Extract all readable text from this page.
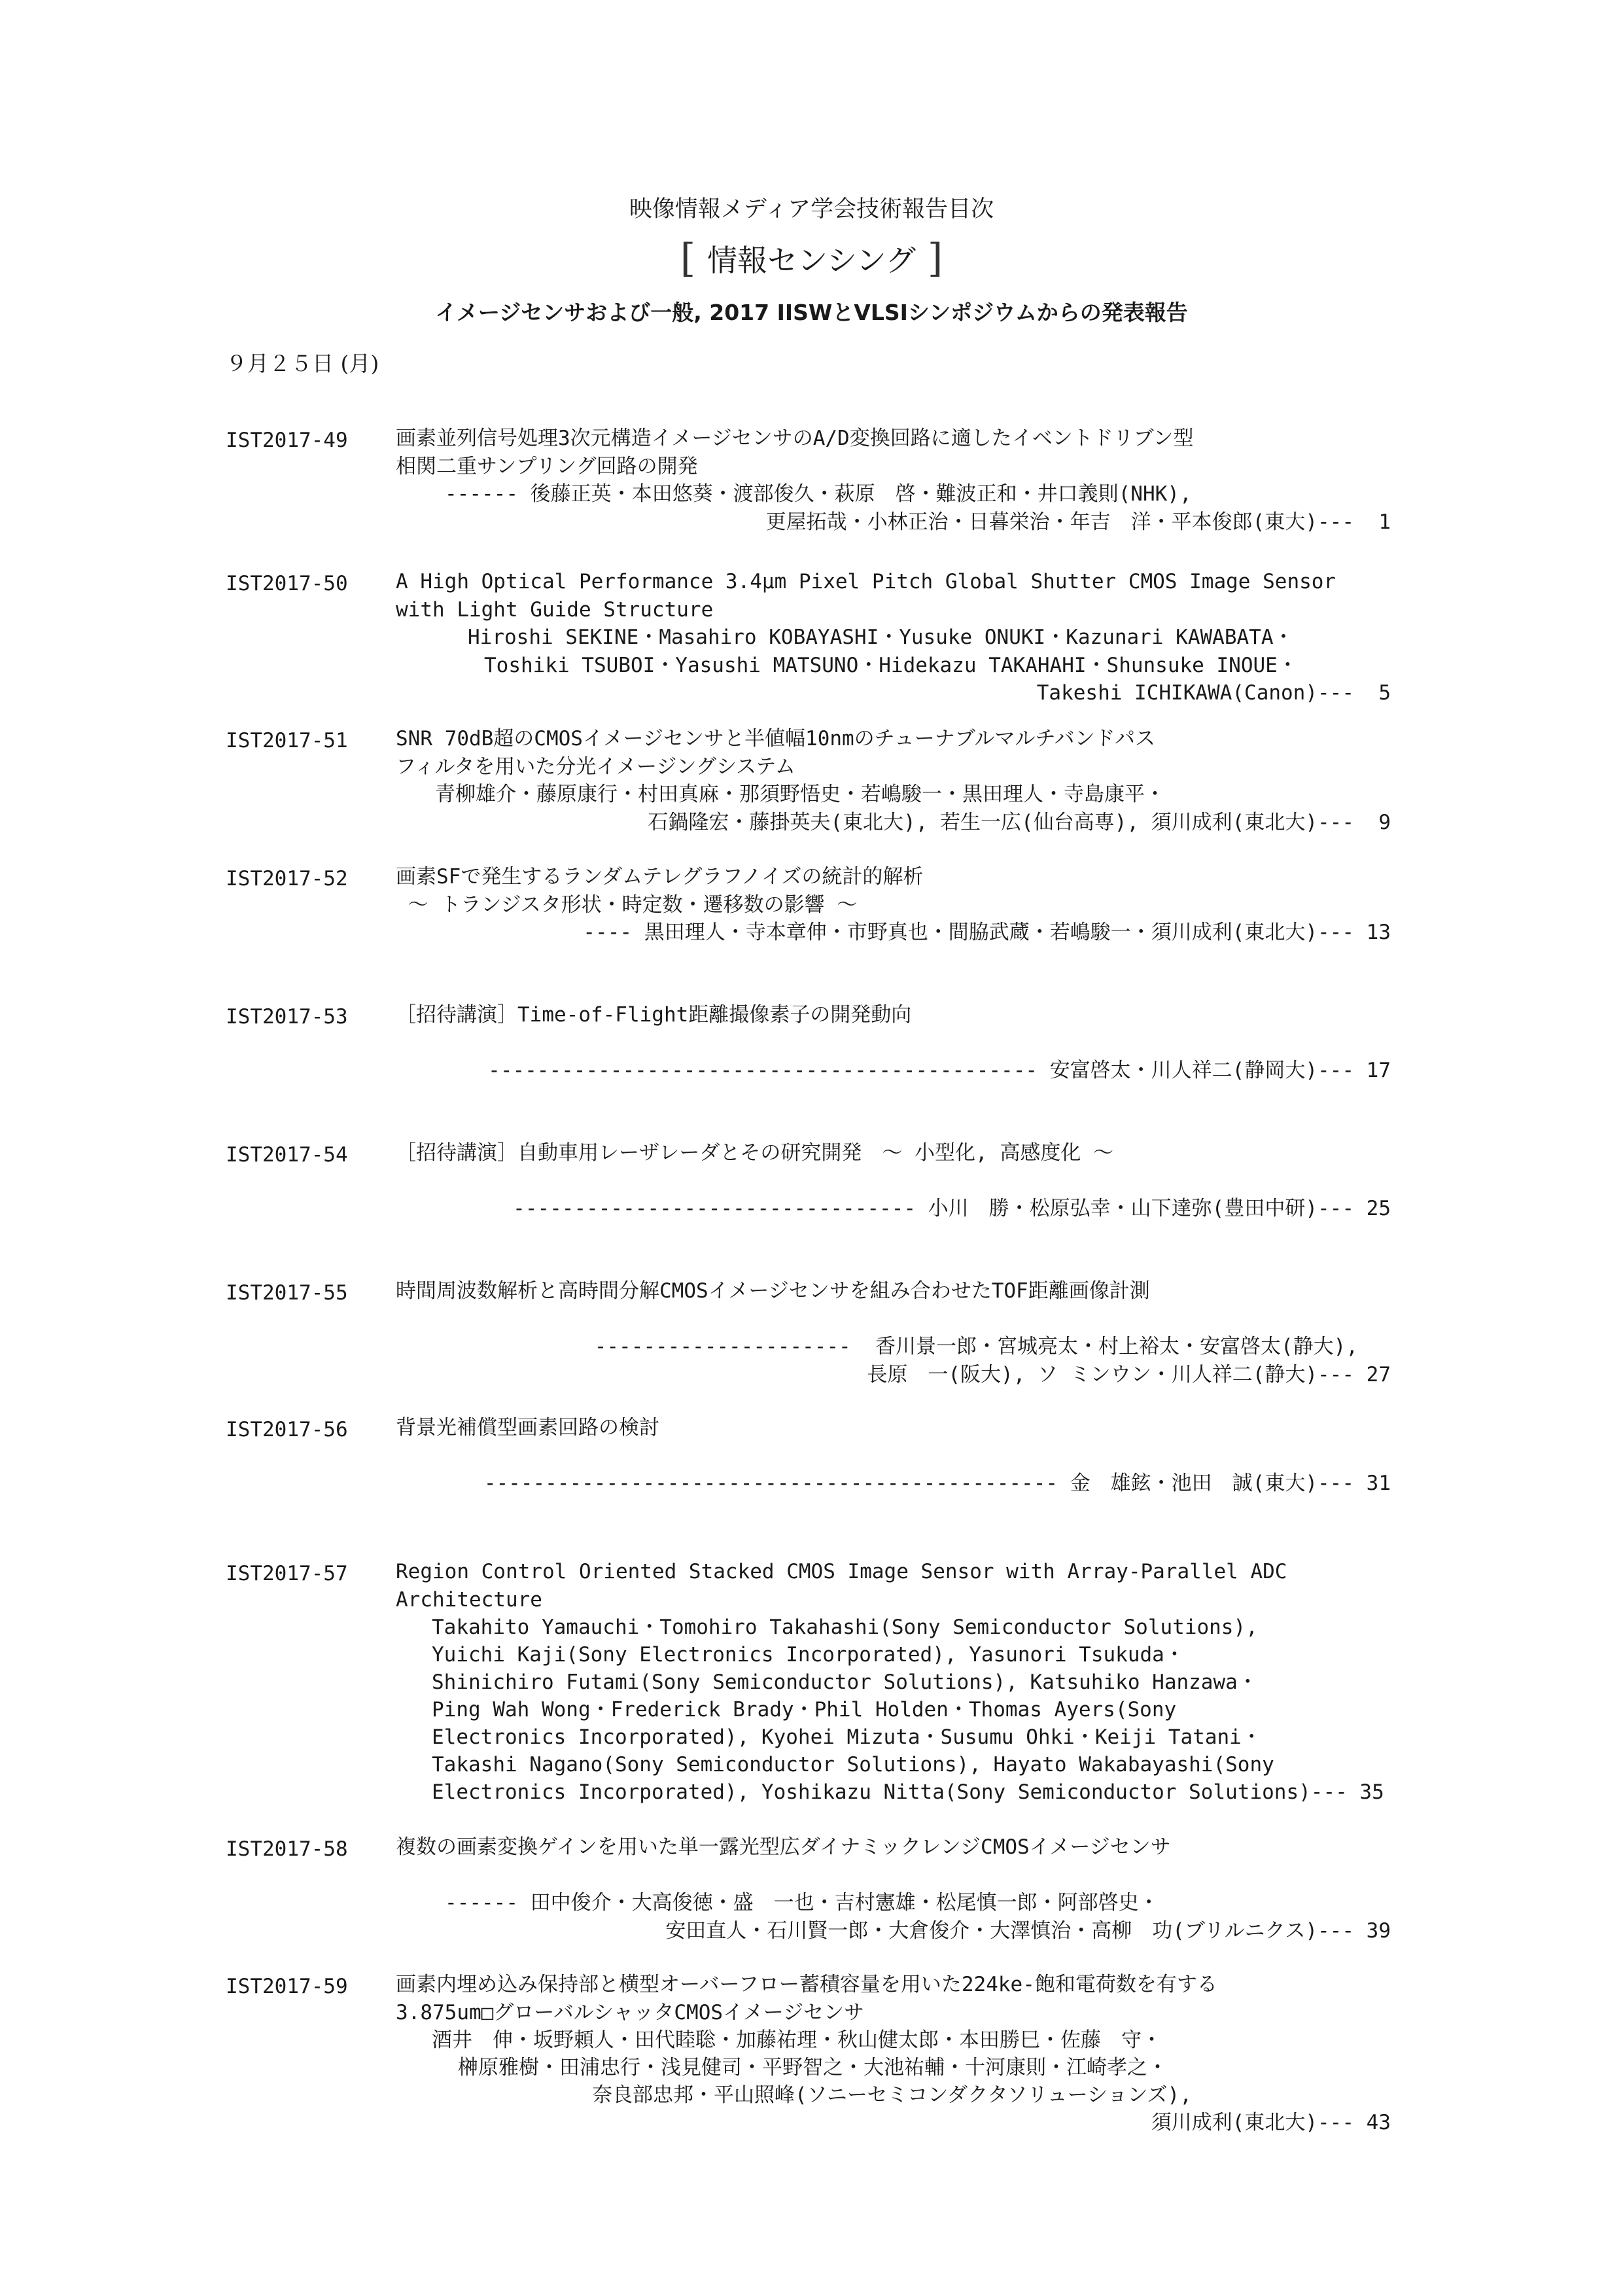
映像情報メディア学会技術報告目次
[ 情報センシング ]
イメージセンサおよび一般, 2017 IISWとVLSIシンポジウムからの発表報告
９月２５日 (月)
IST2017-49 画素並列信号処理3次元構造イメージセンサのA/D変換回路に適したイベントドリブン型
相関二重サンプリング回路の開発
------ 後藤正英・本田悠葵・渡部俊久・萩原　啓・難波正和・井口義則(NHK),
更屋拓哉・小林正治・日暮栄治・年吉　洋・平本俊郎(東大)---  1
IST2017-50 A High Optical Performance 3.4μm Pixel Pitch Global Shutter CMOS Image Sensor
with Light Guide Structure
Hiroshi SEKINE・Masahiro KOBAYASHI・Yusuke ONUKI・Kazunari KAWABATA・
Toshiki TSUBOI・Yasushi MATSUNO・Hidekazu TAKAHAHI・Shunsuke INOUE・
Takeshi ICHIKAWA(Canon)---  5
IST2017-51 SNR 70dB超のCMOSイメージセンサと半値幅10nmのチューナブルマルチバンドパス
フィルタを用いた分光イメージングシステム
青柳雄介・藤原康行・村田真麻・那須野悟史・若嶋駿一・黒田理人・寺島康平・
石鍋隆宏・藤掛英夫(東北大), 若生一広(仙台高専), 須川成利(東北大)---  9
IST2017-52 画素SFで発生するランダムテレグラフノイズの統計的解析
～ トランジスタ形状・時定数・遷移数の影響 ～
---- 黒田理人・寺本章伸・市野真也・間脇武蔵・若嶋駿一・須川成利(東北大)--- 13
IST2017-53 ［招待講演］Time-of-Flight距離撮像素子の開発動向
--------------------------------------------- 安富啓太・川人祥二(静岡大)--- 17
IST2017-54 ［招待講演］自動車用レーザレーダとその研究開発　～ 小型化, 高感度化 ～
--------------------------------- 小川　勝・松原弘幸・山下達弥(豊田中研)--- 25
IST2017-55 時間周波数解析と高時間分解CMOSイメージセンサを組み合わせたTOF距離画像計測
---------------------  香川景一郎・宮城亮太・村上裕太・安富啓太(静大),
長原　一(阪大), ソ ミンウン・川人祥二(静大)--- 27
IST2017-56 背景光補償型画素回路の検討
----------------------------------------------- 金　雄鉉・池田　誠(東大)--- 31
IST2017-57 Region Control Oriented Stacked CMOS Image Sensor with Array-Parallel ADC
Architecture
Takahito Yamauchi・Tomohiro Takahashi(Sony Semiconductor Solutions),
Yuichi Kaji(Sony Electronics Incorporated), Yasunori Tsukuda・
Shinichiro Futami(Sony Semiconductor Solutions), Katsuhiko Hanzawa・
Ping Wah Wong・Frederick Brady・Phil Holden・Thomas Ayers(Sony
Electronics Incorporated), Kyohei Mizuta・Susumu Ohki・Keiji Tatani・
Takashi Nagano(Sony Semiconductor Solutions), Hayato Wakabayashi(Sony
Electronics Incorporated), Yoshikazu Nitta(Sony Semiconductor Solutions)--- 35
IST2017-58 複数の画素変換ゲインを用いた単一露光型広ダイナミックレンジCMOSイメージセンサ
------ 田中俊介・大高俊徳・盛　一也・吉村憲雄・松尾慎一郎・阿部啓史・
安田直人・石川賢一郎・大倉俊介・大澤慎治・高柳　功(ブリルニクス)--- 39
IST2017-59 画素内埋め込み保持部と横型オーバーフロー蓄積容量を用いた224ke-飽和電荷数を有する
3.875um□グローバルシャッタCMOSイメージセンサ
酒井　伸・坂野頼人・田代睦聡・加藤祐理・秋山健太郎・本田勝巳・佐藤　守・
榊原雅樹・田浦忠行・浅見健司・平野智之・大池祐輔・十河康則・江崎孝之・
奈良部忠邦・平山照峰(ソニーセミコンダクタソリューションズ),
須川成利(東北大)--- 43
